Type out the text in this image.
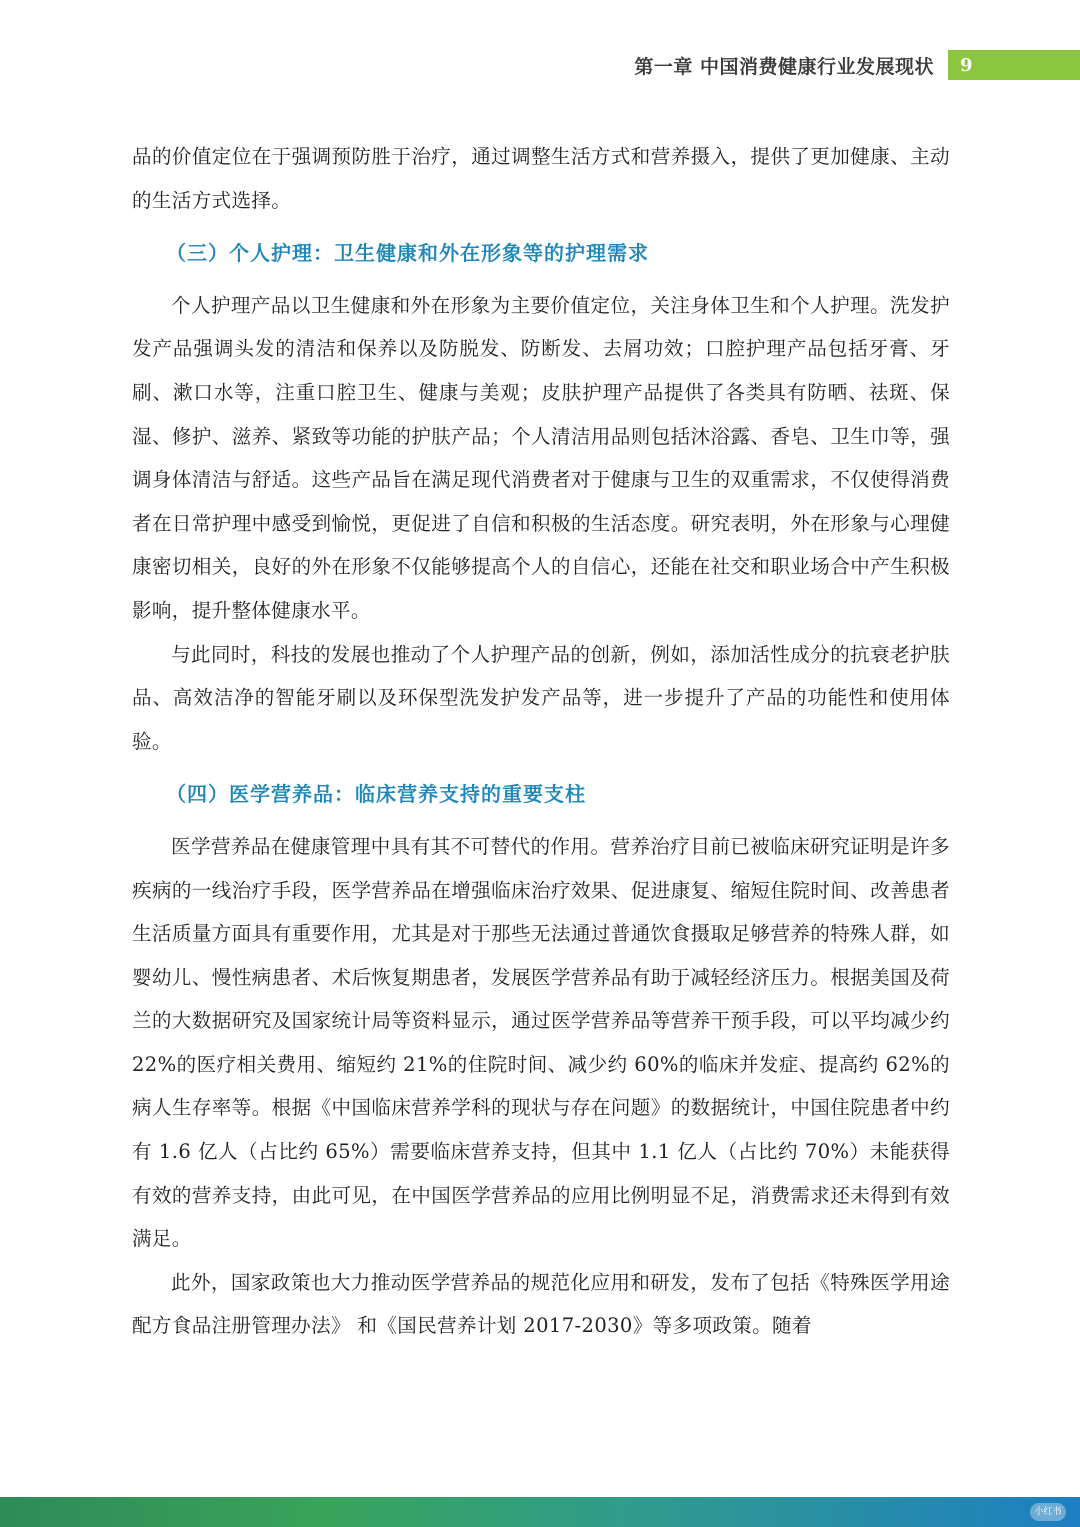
第一章 中国消费健康行业发展现状 9

品的价值定位在于强调预防胜于治疗，通过调整生活方式和营养摄入，提供了更加健康、主动的生活方式选择。

（三）个人护理：卫生健康和外在形象等的护理需求

个人护理产品以卫生健康和外在形象为主要价值定位，关注身体卫生和个人护理。洗发护发产品强调头发的清洁和保养以及防脱发、防断发、去屑功效；口腔护理产品包括牙膏、牙刷、漱口水等，注重口腔卫生、健康与美观；皮肤护理产品提供了各类具有防晒、祛斑、保湿、修护、滋养、紧致等功能的护肤产品；个人清洁用品则包括沐浴露、香皂、卫生巾等，强调身体清洁与舒适。这些产品旨在满足现代消费者对于健康与卫生的双重需求，不仅使得消费者在日常护理中感受到愉悦，更促进了自信和积极的生活态度。研究表明，外在形象与心理健康密切相关，良好的外在形象不仅能够提高个人的自信心，还能在社交和职业场合中产生积极影响，提升整体健康水平。

与此同时，科技的发展也推动了个人护理产品的创新，例如，添加活性成分的抗衰老护肤品、高效洁净的智能牙刷以及环保型洗发护发产品等，进一步提升了产品的功能性和使用体验。

（四）医学营养品：临床营养支持的重要支柱

医学营养品在健康管理中具有其不可替代的作用。营养治疗目前已被临床研究证明是许多疾病的一线治疗手段，医学营养品在增强临床治疗效果、促进康复、缩短住院时间、改善患者生活质量方面具有重要作用，尤其是对于那些无法通过普通饮食摄取足够营养的特殊人群，如婴幼儿、慢性病患者、术后恢复期患者，发展医学营养品有助于减轻经济压力。根据美国及荷兰的大数据研究及国家统计局等资料显示，通过医学营养品等营养干预手段，可以平均减少约 22%的医疗相关费用、缩短约 21%的住院时间、减少约 60%的临床并发症、提高约 62%的病人生存率等。根据《中国临床营养学科的现状与存在问题》的数据统计，中国住院患者中约有 1.6 亿人（占比约 65%）需要临床营养支持，但其中 1.1 亿人（占比约 70%）未能获得有效的营养支持，由此可见，在中国医学营养品的应用比例明显不足，消费需求还未得到有效满足。

此外，国家政策也大力推动医学营养品的规范化应用和研发，发布了包括《特殊医学用途配方食品注册管理办法》 和《国民营养计划 2017-2030》等多项政策。随着

小红书
